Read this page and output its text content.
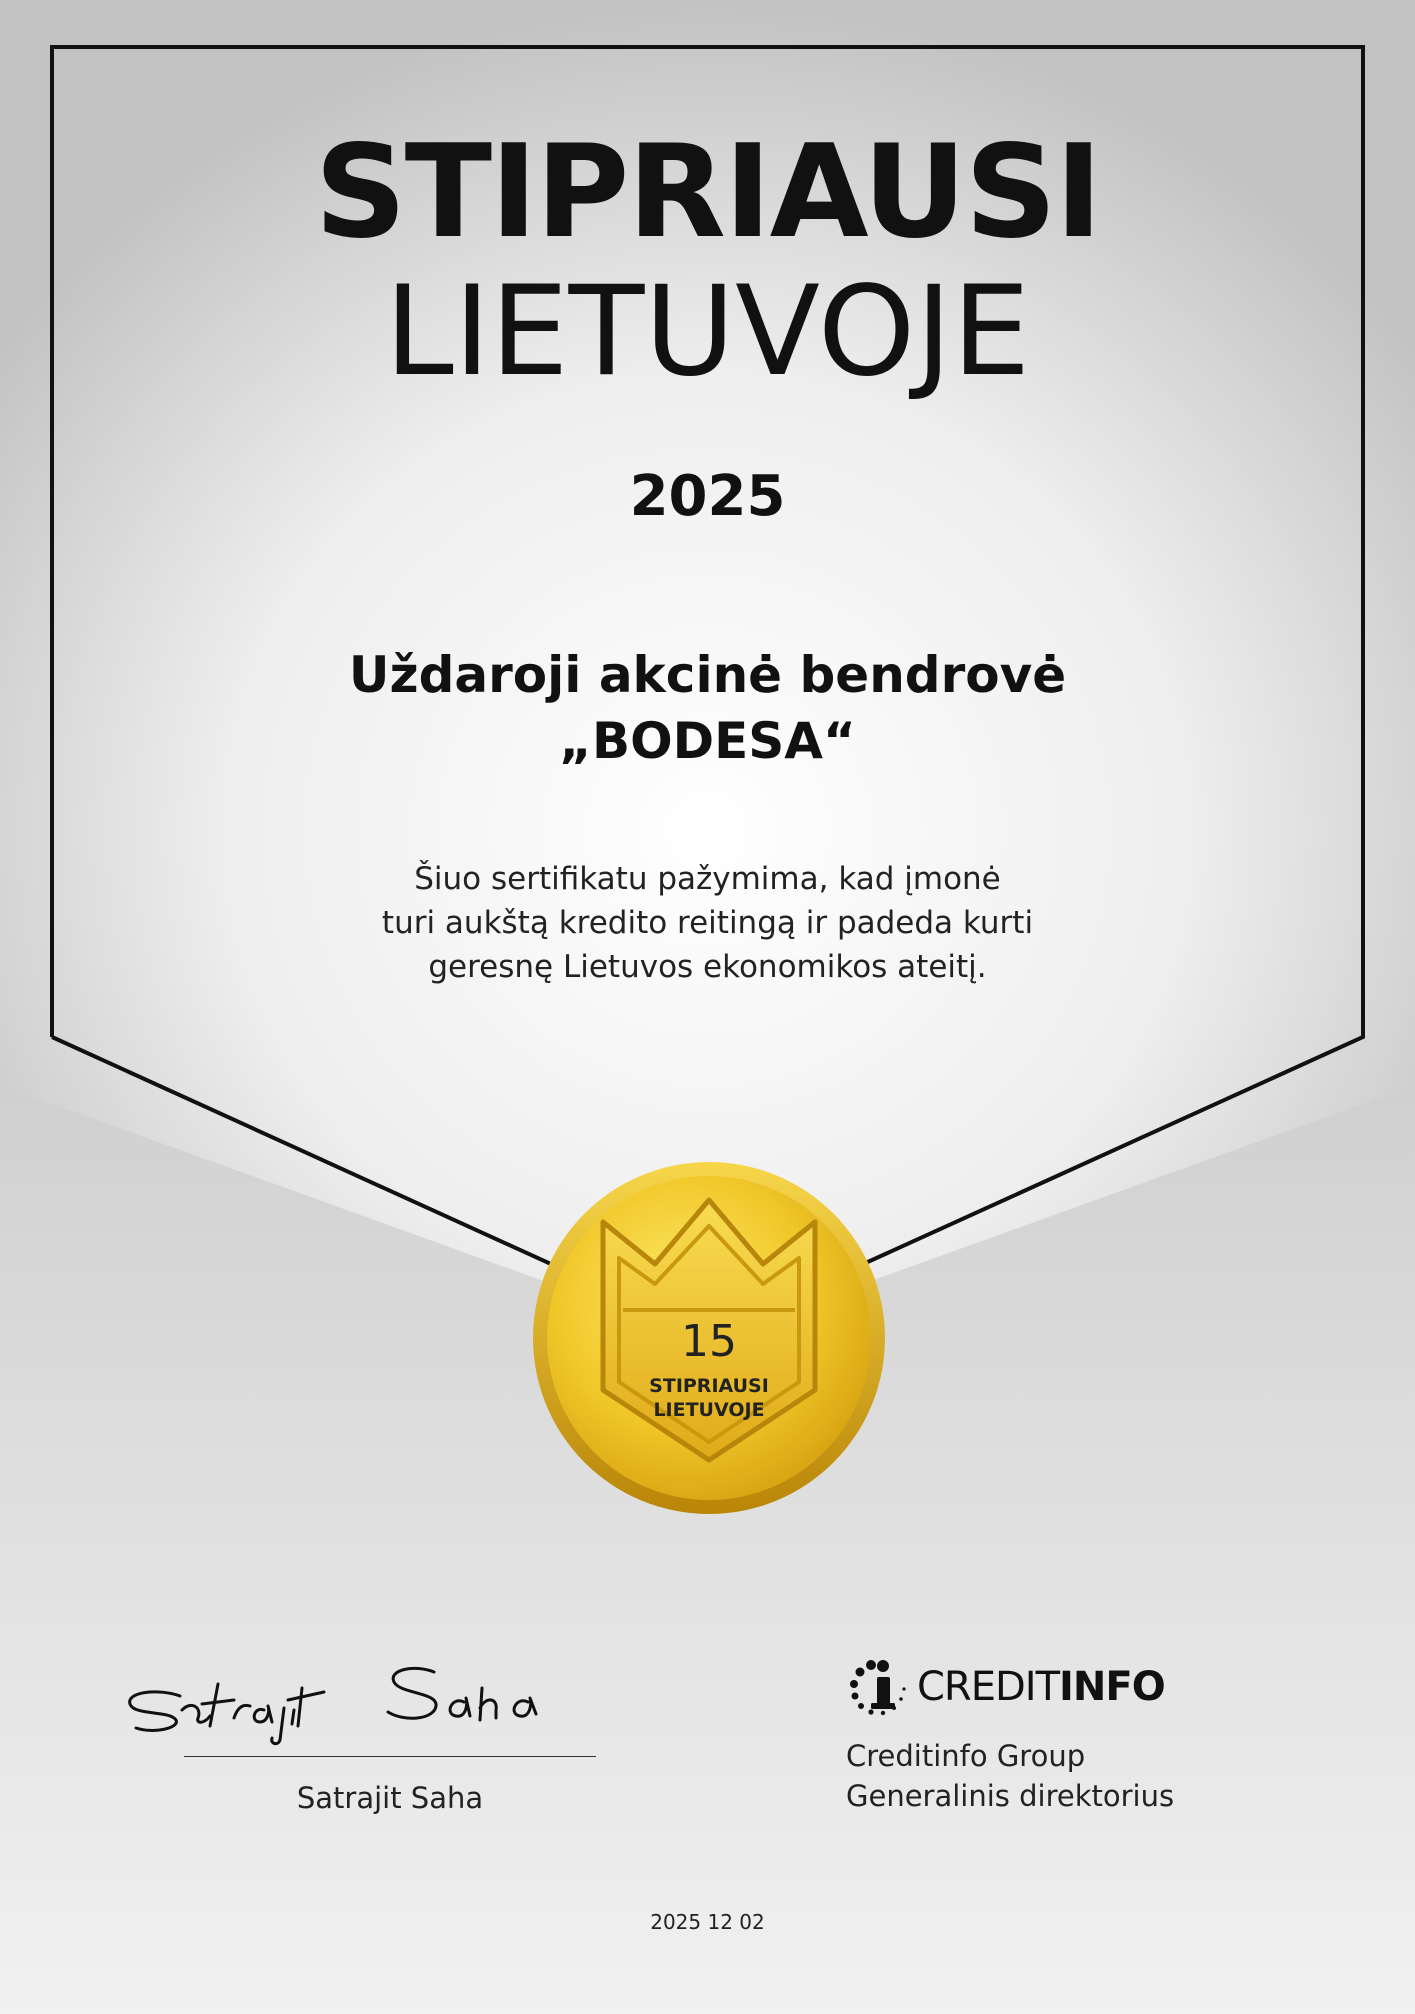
STIPRIAUSI
LIETUVOJE
2025
Uždaroji akcinė bendrovė
„BODESA“
Šiuo sertifikatu pažymima, kad įmonė
turi aukštą kredito reitingą ir padeda kurti
geresnę Lietuvos ekonomikos ateitį.
15
STIPRIAUSI
LIETUVOJE
Satrajit Saha
CREDITINFO
Creditinfo Group
Generalinis direktorius
2025 12 02
